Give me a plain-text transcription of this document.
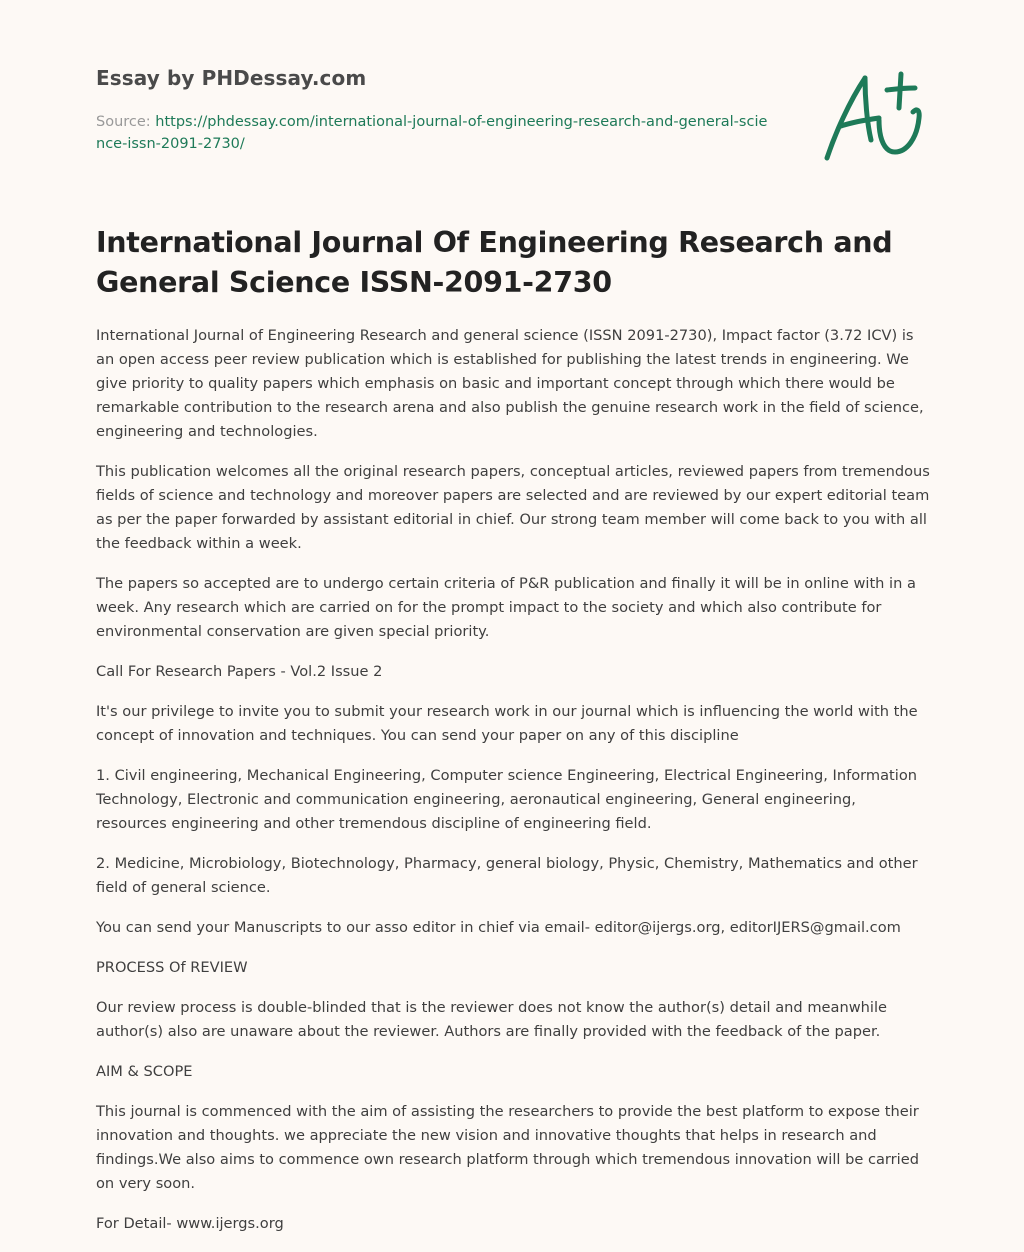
Essay by PHDessay.com
Source: https://phdessay.com/international-journal-of-engineering-research-and-general-science-issn-2091-2730/
International Journal Of Engineering Research and General Science ISSN-2091-2730

International Journal of Engineering Research and general science (ISSN 2091-2730), Impact factor (3.72 ICV) is an open access peer review publication which is established for publishing the latest trends in engineering. We give priority to quality papers which emphasis on basic and important concept through which there would be remarkable contribution to the research arena and also publish the genuine research work in the field of science, engineering and technologies.

This publication welcomes all the original research papers, conceptual articles, reviewed papers from tremendous fields of science and technology and moreover papers are selected and are reviewed by our expert editorial team as per the paper forwarded by assistant editorial in chief. Our strong team member will come back to you with all the feedback within a week.

The papers so accepted are to undergo certain criteria of P&R publication and finally it will be in online with in a week. Any research which are carried on for the prompt impact to the society and which also contribute for environmental conservation are given special priority.

Call For Research Papers - Vol.2 Issue 2

It's our privilege to invite you to submit your research work in our journal which is influencing the world with the concept of innovation and techniques. You can send your paper on any of this discipline

1. Civil engineering, Mechanical Engineering, Computer science Engineering, Electrical Engineering, Information Technology, Electronic and communication engineering, aeronautical engineering, General engineering, resources engineering and other tremendous discipline of engineering field.

2. Medicine, Microbiology, Biotechnology, Pharmacy, general biology, Physic, Chemistry, Mathematics and other field of general science.

You can send your Manuscripts to our asso editor in chief via email- editor@ijergs.org, editorIJERS@gmail.com

PROCESS Of REVIEW

Our review process is double-blinded that is the reviewer does not know the author(s) detail and meanwhile author(s) also are unaware about the reviewer. Authors are finally provided with the feedback of the paper.

AIM & SCOPE

This journal is commenced with the aim of assisting the researchers to provide the best platform to expose their innovation and thoughts. we appreciate the new vision and innovative thoughts that helps in research and findings.We also aims to commence own research platform through which tremendous innovation will be carried on very soon.

For Detail- www.ijergs.org
